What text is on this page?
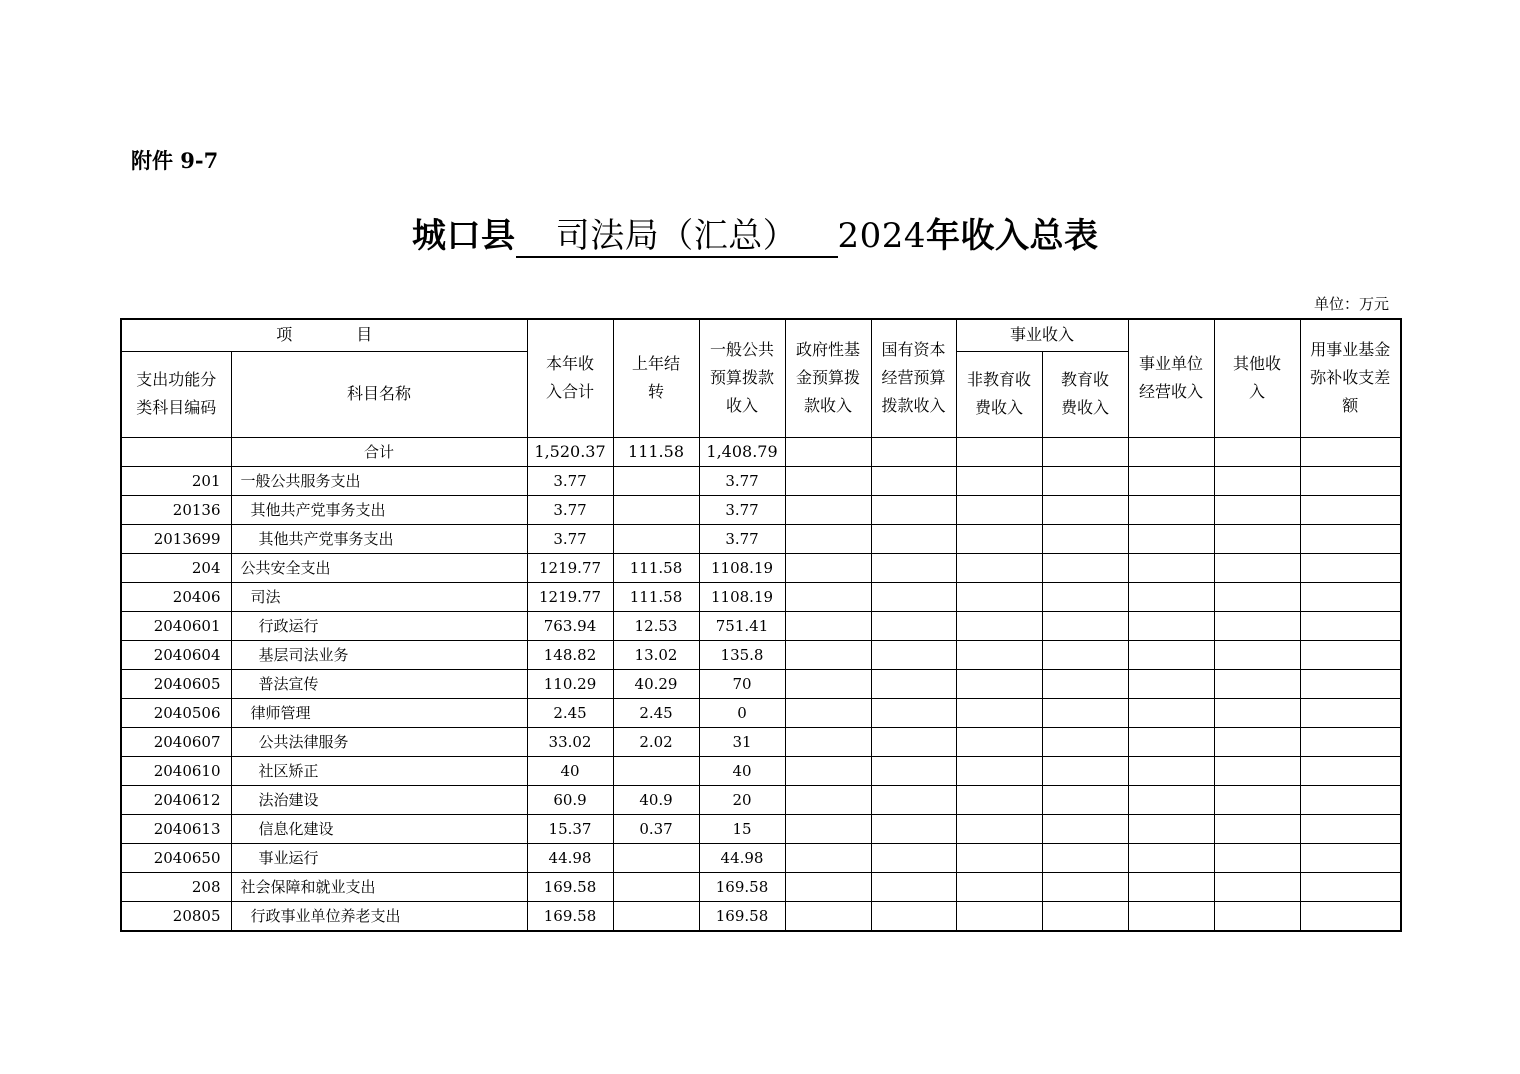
附件 9-7
城口县 司法局（汇总） 2024年收入总表
单位：万元
项　　　　目		本年收入合计	上年结转	一般公共预算拨款收入	政府性基金预算拨款收入	国有资本经营预算拨款收入	事业收入		事业单位经营收入	其他收入	用事业基金弥补收支差额

支出功能分类科目编码	科目名称						非教育收费收入	教育收费收入			

	合计	1,520.37	111.58	1,408.79							
201	一般公共服务支出	3.77		3.77							
20136	其他共产党事务支出	3.77		3.77							
2013699	其他共产党事务支出	3.77		3.77							
204	公共安全支出	1219.77	111.58	1108.19							
20406	司法	1219.77	111.58	1108.19							
2040601	行政运行	763.94	12.53	751.41							
2040604	基层司法业务	148.82	13.02	135.8							
2040605	普法宣传	110.29	40.29	70							
2040506	律师管理	2.45	2.45	0							
2040607	公共法律服务	33.02	2.02	31							
2040610	社区矫正	40		40							
2040612	法治建设	60.9	40.9	20							
2040613	信息化建设	15.37	0.37	15							
2040650	事业运行	44.98		44.98							
208	社会保障和就业支出	169.58		169.58							
20805	行政事业单位养老支出	169.58		169.58							
